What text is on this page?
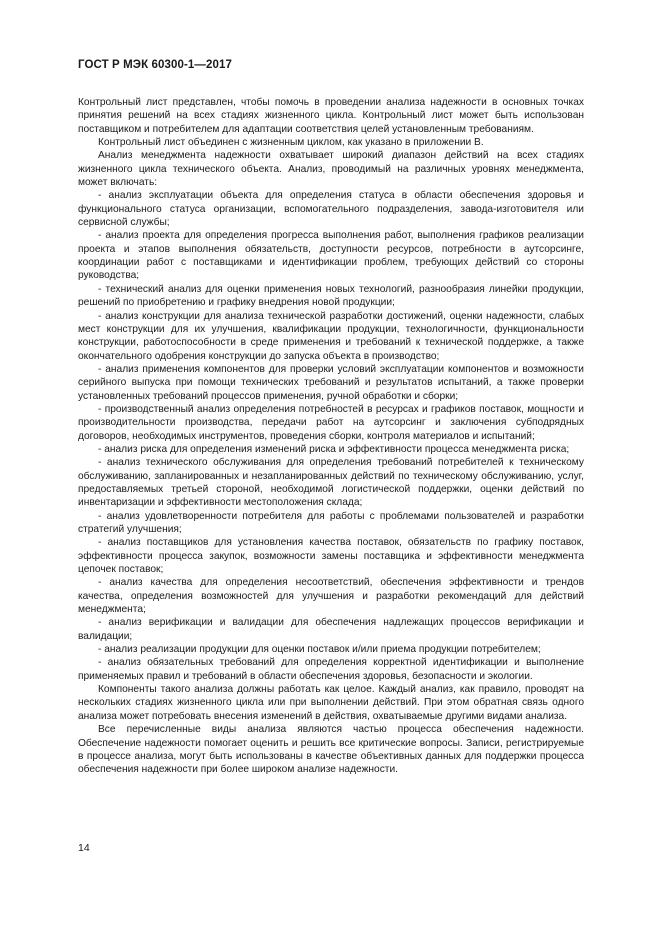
ГОСТ Р МЭК 60300-1—2017

Контрольный лист представлен, чтобы помочь в проведении анализа надежности в основных точках принятия решений на всех стадиях жизненного цикла. Контрольный лист может быть использован поставщиком и потребителем для адаптации соответствия целей установленным требованиям.

Контрольный лист объединен с жизненным циклом, как указано в приложении В.

Анализ менеджмента надежности охватывает широкий диапазон действий на всех стадиях жизненного цикла технического объекта. Анализ, проводимый на различных уровнях менеджмента, может включать:

- анализ эксплуатации объекта для определения статуса в области обеспечения здоровья и функционального статуса организации, вспомогательного подразделения, завода-изготовителя или сервисной службы;

- анализ проекта для определения прогресса выполнения работ, выполнения графиков реализации проекта и этапов выполнения обязательств, доступности ресурсов, потребности в аутсорсинге, координации работ с поставщиками и идентификации проблем, требующих действий со стороны руководства;

- технический анализ для оценки применения новых технологий, разнообразия линейки продукции, решений по приобретению и графику внедрения новой продукции;

- анализ конструкции для анализа технической разработки достижений, оценки надежности, слабых мест конструкции для их улучшения, квалификации продукции, технологичности, функциональности конструкции, работоспособности в среде применения и требований к технической поддержке, а также окончательного одобрения конструкции до запуска объекта в производство;

- анализ применения компонентов для проверки условий эксплуатации компонентов и возможности серийного выпуска при помощи технических требований и результатов испытаний, а также проверки установленных требований процессов применения, ручной обработки и сборки;

- производственный анализ определения потребностей в ресурсах и графиков поставок, мощности и производительности производства, передачи работ на аутсорсинг и заключения субподрядных договоров, необходимых инструментов, проведения сборки, контроля материалов и испытаний;

- анализ риска для определения изменений риска и эффективности процесса менеджмента риска;

- анализ технического обслуживания для определения требований потребителей к техническому обслуживанию, запланированных и незапланированных действий по техническому обслуживанию, услуг, предоставляемых третьей стороной, необходимой логистической поддержки, оценки действий по инвентаризации и эффективности местоположения склада;

- анализ удовлетворенности потребителя для работы с проблемами пользователей и разработки стратегий улучшения;

- анализ поставщиков для установления качества поставок, обязательств по графику поставок, эффективности процесса закупок, возможности замены поставщика и эффективности менеджмента цепочек поставок;

- анализ качества для определения несоответствий, обеспечения эффективности и трендов качества, определения возможностей для улучшения и разработки рекомендаций для действий менеджмента;

- анализ верификации и валидации для обеспечения надлежащих процессов верификации и валидации;

- анализ реализации продукции для оценки поставок и/или приема продукции потребителем;

- анализ обязательных требований для определения корректной идентификации и выполнение применяемых правил и требований в области обеспечения здоровья, безопасности и экологии.

Компоненты такого анализа должны работать как целое. Каждый анализ, как правило, проводят на нескольких стадиях жизненного цикла или при выполнении действий. При этом обратная связь одного анализа может потребовать внесения изменений в действия, охватываемые другими видами анализа.

Все перечисленные виды анализа являются частью процесса обеспечения надежности. Обеспечение надежности помогает оценить и решить все критические вопросы. Записи, регистрируемые в процессе анализа, могут быть использованы в качестве объективных данных для поддержки процесса обеспечения надежности при более широком анализе надежности.

14
